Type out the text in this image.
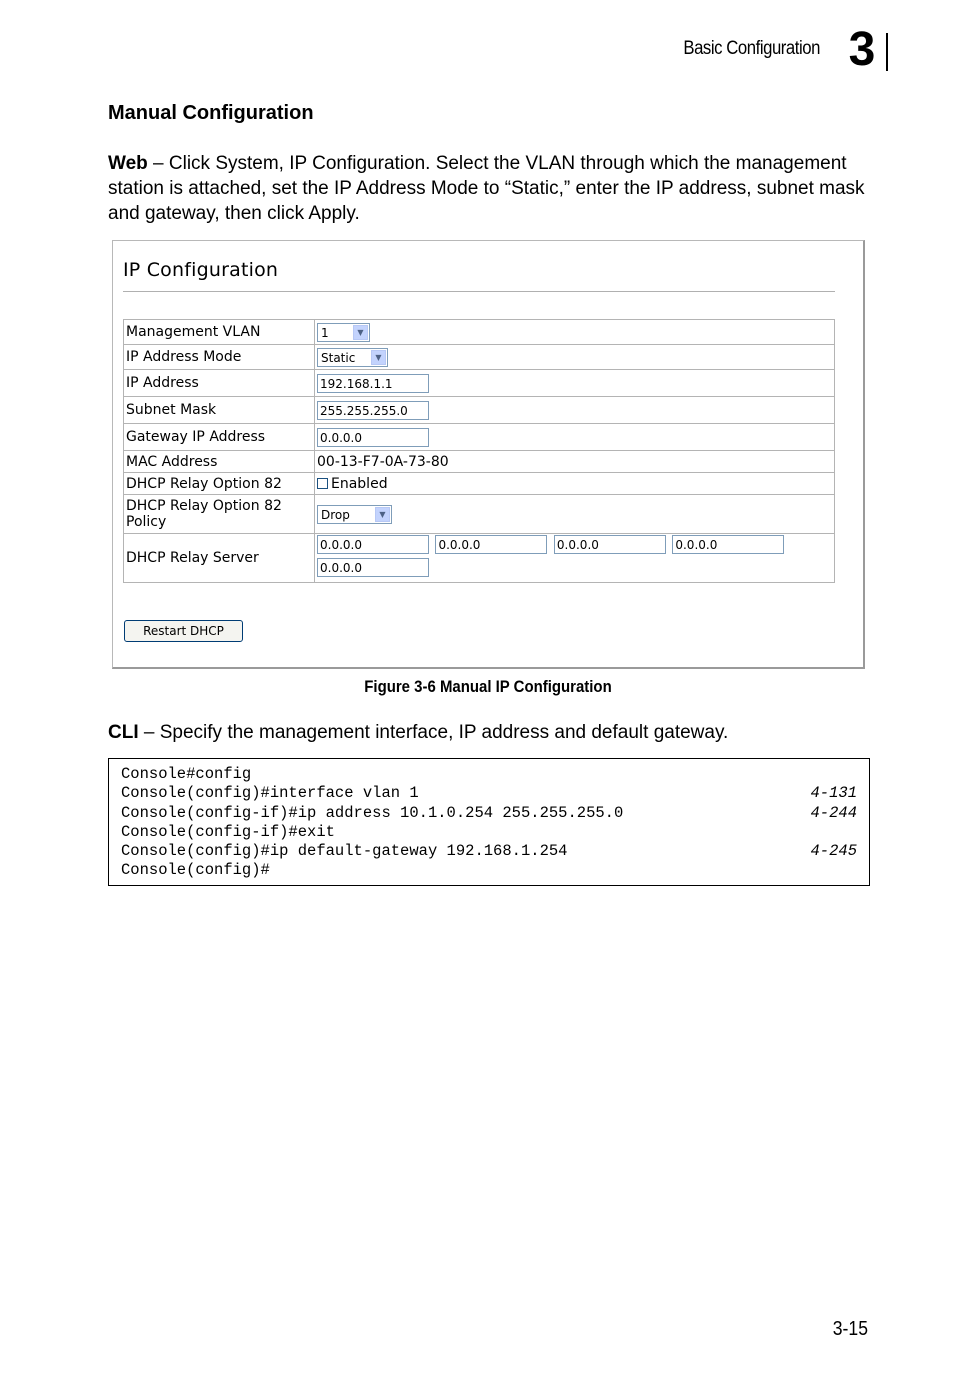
Basic Configuration 3
Manual Configuration
Web – Click System, IP Configuration. Select the VLAN through which the management station is attached, set the IP Address Mode to “Static,” enter the IP address, subnet mask and gateway, then click Apply.
IP Configuration
Management VLAN	1 ▼

IP Address Mode	Static ▼

IP Address	192.168.1.1
Subnet Mask	255.255.255.0
Gateway IP Address	0.0.0.0
MAC Address	00-13-F7-0A-73-80
DHCP Relay Option 82	Enabled
DHCP Relay Option 82 Policy	Drop ▼

DHCP Relay Server	0.0.0.0 0.0.0.0 0.0.0.0 0.0.0.0
0.0.0.0
Restart DHCP
Figure 3-6 Manual IP Configuration
CLI – Specify the management interface, IP address and default gateway.
Console#config
Console(config)#interface vlan 1	4-131
Console(config-if)#ip address 10.1.0.254 255.255.255.0	4-244
Console(config-if)#exit
Console(config)#ip default-gateway 192.168.1.254	4-245
Console(config)#
3-15
